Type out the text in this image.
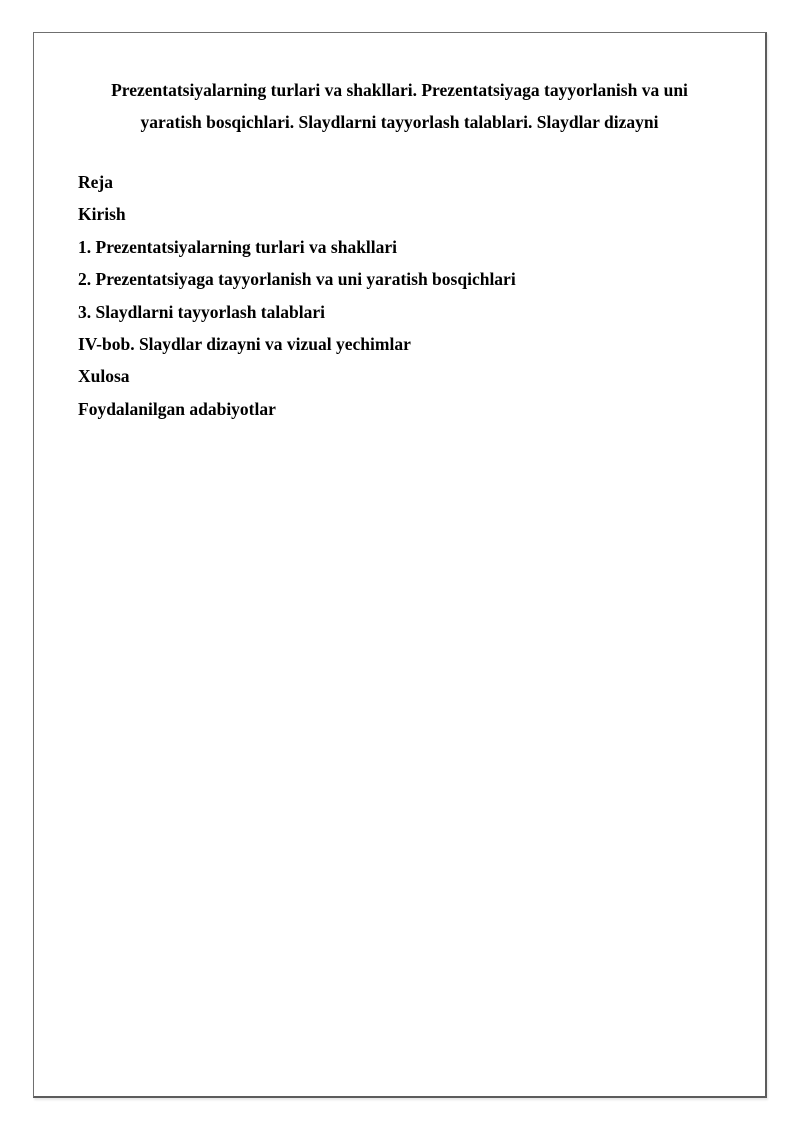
Prezentatsiyalarning turlari va shakllari. Prezentatsiyaga tayyorlanish va uni
yaratish bosqichlari. Slaydlarni tayyorlash talablari. Slaydlar dizayni
Reja
Kirish
1. Prezentatsiyalarning turlari va shakllari
2. Prezentatsiyaga tayyorlanish va uni yaratish bosqichlari
3. Slaydlarni tayyorlash talablari
IV-bob. Slaydlar dizayni va vizual yechimlar
Xulosa
Foydalanilgan adabiyotlar
